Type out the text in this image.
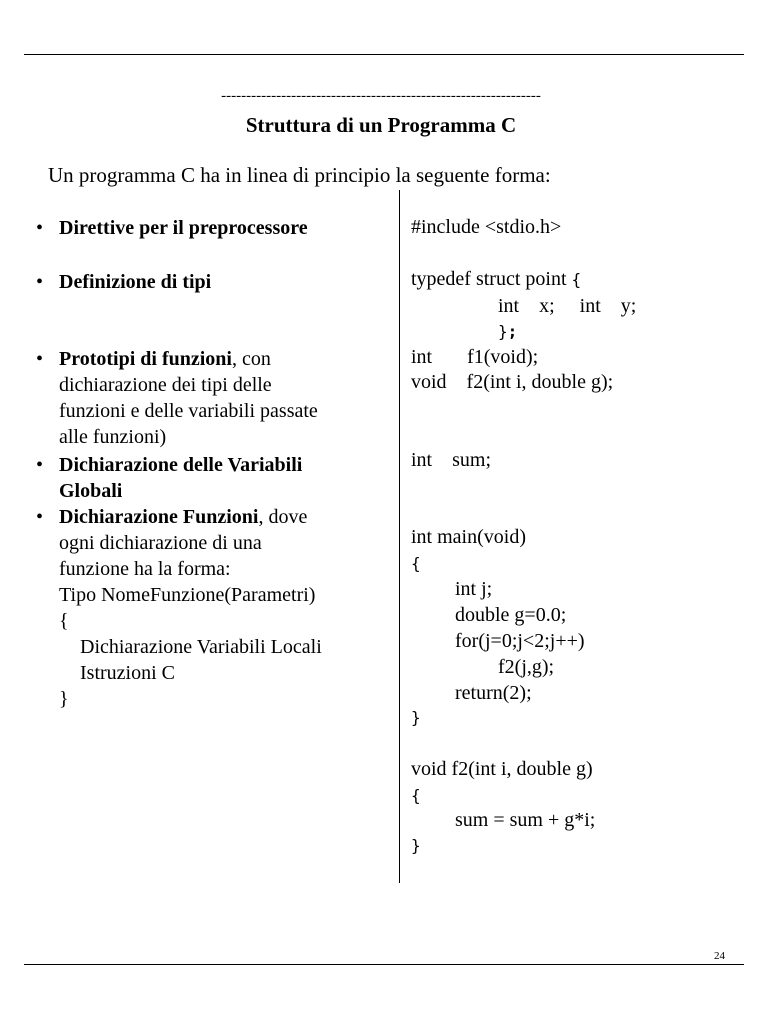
----------------------------------------------------------------
Struttura di un Programma C
Un programma C ha in linea di principio la seguente forma:
• Direttive per il preprocessore
• Definizione di tipi
• Prototipi di funzioni, con
dichiarazione dei tipi delle
funzioni e delle variabili passate
alle funzioni)
• Dichiarazione delle Variabili
Globali
• Dichiarazione Funzioni, dove
ogni dichiarazione di una
funzione ha la forma:
Tipo NomeFunzione(Parametri)
{
Dichiarazione Variabili Locali
Istruzioni C
}
#include <stdio.h>
typedef struct point {
int    x;     int    y;
};
int       f1(void);
void    f2(int i, double g);
int    sum;
int main(void)
{
int j;
double g=0.0;
for(j=0;j<2;j++)
f2(j,g);
return(2);
}
void f2(int i, double g)
{
sum = sum + g*i;
}
24
